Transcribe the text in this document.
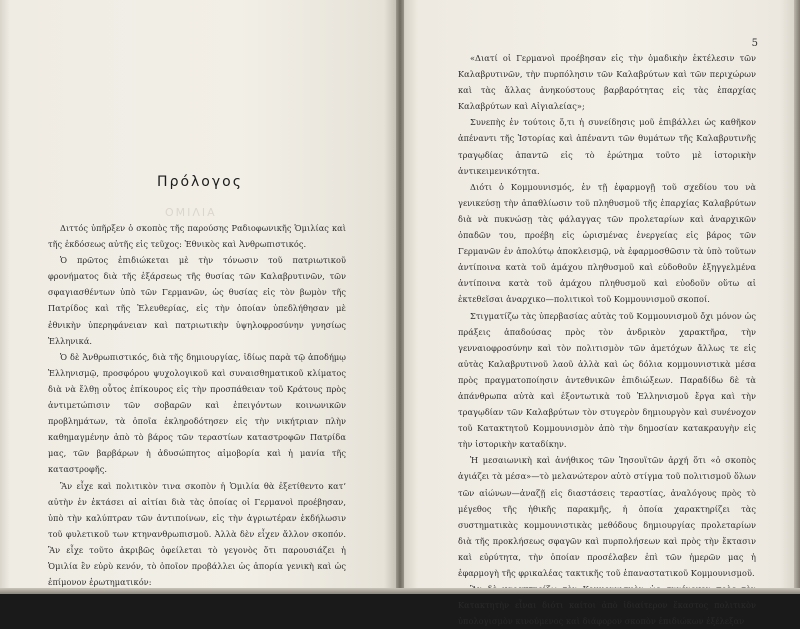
Πρόλογος
ΟΜΙΛΙΑ

Διττός ὑπῆρξεν ὁ σκοπὸς τῆς παρούσης Ραδιοφωνικῆς Ὁμιλίας καὶ τῆς ἐκδόσεως αὐτῆς εἰς τεῦχος: Ἐθνικὸς καὶ Ἀνθρωπιστικός.

Ὁ πρῶτος ἐπιδιώκεται μὲ τὴν τόνωσιν τοῦ πατριωτικοῦ φρονήματος διὰ τῆς ἐξάρσεως τῆς θυσίας τῶν Καλαβρυτινῶν, τῶν σφαγιασθέντων ὑπὸ τῶν Γερμανῶν, ὡς θυσίας εἰς τὸν βωμὸν τῆς Πατρίδος καὶ τῆς Ἐλευθερίας, εἰς τὴν ὁποίαν ὑπεδλήθησαν μὲ ἐθνικὴν ὑπερηφάνειαν καὶ πατριωτικὴν ὑψηλοφροσύνην γνησίως Ἑλληνικά.

Ὁ δὲ Ἀνθρωπιστικός, διὰ τῆς δημιουργίας, ἰδίως παρὰ τῷ ἀποδήμῳ Ἑλληνισμῷ, προσφόρου ψυχολογικοῦ καὶ συναισθηματικοῦ κλίματος διὰ νὰ ἔλθῃ οὗτος ἐπίκουρος εἰς τὴν προσπάθειαν τοῦ Κράτους πρὸς ἀντιμετώπισιν τῶν σοβαρῶν καὶ ἐπειγόντων κοινωνικῶν προβλημάτων, τὰ ὁποῖα ἐκληροδότησεν εἰς τὴν νικήτριαν πλὴν καθημαγμένην ἀπὸ τὸ βάρος τῶν τεραστίων καταστροφῶν Πατρίδα μας, τῶν βαρβάρων ἡ ἀδυσώπητος αἱμοβορία καὶ ἡ μανία τῆς καταστροφῆς.

Ἂν εἶχε καὶ πολιτικὸν τινα σκοπὸν ἡ Ὁμιλία θὰ ἐξετίθεντο κατ’ αὐτὴν ἐν ἐκτάσει αἱ αἰτίαι διὰ τὰς ὁποίας οἱ Γερμανοὶ προέβησαν, ὑπὸ τὴν καλύπτραν τῶν ἀντιποίνων, εἰς τὴν ἀγριωτέραν ἐκδήλωσιν τοῦ φυλετικοῦ των κτηνανθρωπισμοῦ. Ἀλλὰ δὲν εἶχεν ἄλλον σκοπόν. Ἂν εἶχε τοῦτο ἀκριβῶς ὀφείλεται τὸ γεγονὸς ὅτι παρουσιάζει ἡ Ὁμιλία ἓν εὐρὺ κενόν, τὸ ὁποῖον προβάλλει ὡς ἀπορία γενικὴ καὶ ὡς ἐπίμονον ἐρωτηματικόν:

5

«Διατί οἱ Γερμανοὶ προέβησαν εἰς τὴν ὁμαδικὴν ἐκτέλεσιν τῶν Καλαβρυτινῶν, τὴν πυρπόλησιν τῶν Καλαβρύτων καὶ τῶν περιχώρων καὶ τὰς ἄλλας ἀνηκούστους βαρβαρότητας εἰς τὰς ἐπαρχίας Καλαβρύτων καὶ Αἰγιαλείας»;

Συνεπὴς ἐν τούτοις ὅ,τι ἡ συνείδησις μοῦ ἐπιβάλλει ὡς καθῆκον ἀπέναντι τῆς Ἱστορίας καὶ ἀπέναντι τῶν θυμάτων τῆς Καλαβρυτινῆς τραγῳδίας ἀπαντῶ εἰς τὸ ἐρώτημα τοῦτο μὲ ἱστορικὴν ἀντικειμενικότητα.

Διότι ὁ Κομμουνισμός, ἐν τῇ ἐφαρμογῇ τοῦ σχεδίου του νὰ γενικεύσῃ τὴν ἀπαθλίωσιν τοῦ πληθυσμοῦ τῆς ἐπαρχίας Καλαβρύτων διὰ νὰ πυκνώσῃ τὰς φάλαγγας τῶν προλεταρίων καὶ ἀναρχικῶν ὀπαδῶν του, προέβη εἰς ὡρισμένας ἐνεργείας εἰς βάρος τῶν Γερμανῶν ἐν ἀπολύτῳ ἀποκλεισμῷ, νὰ ἐφαρμοσθῶσιν τὰ ὑπὸ τοῦτων ἀντίποινα κατὰ τοῦ ἀμάχου πληθυσμοῦ καὶ εὐδοθοῦν ἐξηγγελμένα ἀντίποινα κατὰ τοῦ ἀμάχου πληθυσμοῦ καὶ εὐοδοῦν οὕτω αἱ ἐκτεθεῖσαι ἀναρχικο—πολιτικοὶ τοῦ Κομμουνισμοῦ σκοποί.

Στιγματίζω τὰς ὑπερβασίας αὐτὰς τοῦ Κομμουνισμοῦ ὄχι μόνον ὡς πράξεις ἀπαδούσας πρὸς τὸν ἀνδρικὸν χαρακτῆρα, τὴν γενναιοφροσύνην καὶ τὸν πολιτισμὸν τῶν ἀμετόχων ἄλλως τε εἰς αὐτὰς Καλαβρυτινοῦ λαοῦ ἀλλὰ καὶ ὡς δόλια κομμουνιστικὰ μέσα πρὸς πραγματοποίησιν ἀντεθνικῶν ἐπιδιώξεων. Παραδίδω δὲ τὰ ἀπάνθρωπα αὐτὰ καὶ ἐξοντωτικὰ τοῦ Ἑλληνισμοῦ ἔργα καὶ τὴν τραγῳδίαν τῶν Καλαβρύτων τὸν στυγερὸν δημιουργὸν καὶ συνένοχον τοῦ Κατακτητοῦ Κομμουνισμὸν ἀπὸ τὴν δημοσίαν κατακραυγὴν εἰς τὴν ἱστορικὴν καταδίκην.

Ἡ μεσαιωνικὴ καὶ ἀνήθικος τῶν Ἰησουϊτῶν ἀρχή ὅτι «ὁ σκοπὸς ἁγιάζει τὰ μέσα»—τὸ μελανώτερον αὐτὸ στίγμα τοῦ πολιτισμοῦ ὅλων τῶν αἰώνων—ἀναζῇ εἰς διαστάσεις τεραστίας, ἀναλόγους πρὸς τὸ μέγεθος τῆς ἠθικῆς παρακμῆς, ἡ ὁποία χαρακτηρίζει τὰς συστηματικὰς κομμουνιστικὰς μεθόδους δημιουργίας προλεταρίων διὰ τῆς προκλήσεως σφαγῶν καὶ πυρπολήσεων καὶ πρὸς τὴν ἔκτασιν καὶ εὐρύτητα, τὴν ὁποίαν προσέλαβεν ἐπὶ τῶν ἡμερῶν μας ἡ ἐφαρμογὴ τῆς φρικαλέας τακτικῆς τοῦ ἐπαναστατικοῦ Κομμουνισμοῦ.

Κατακτητὴν εἶναι διότι καίτοι ἀπὸ ἰδιαίτερον ἕκαστος πολιτικὸν ὑπολογισμὸν κινούμενος καὶ διάφορον σκοπὸν ἐπιδιώκων ἐξέλεξαν
